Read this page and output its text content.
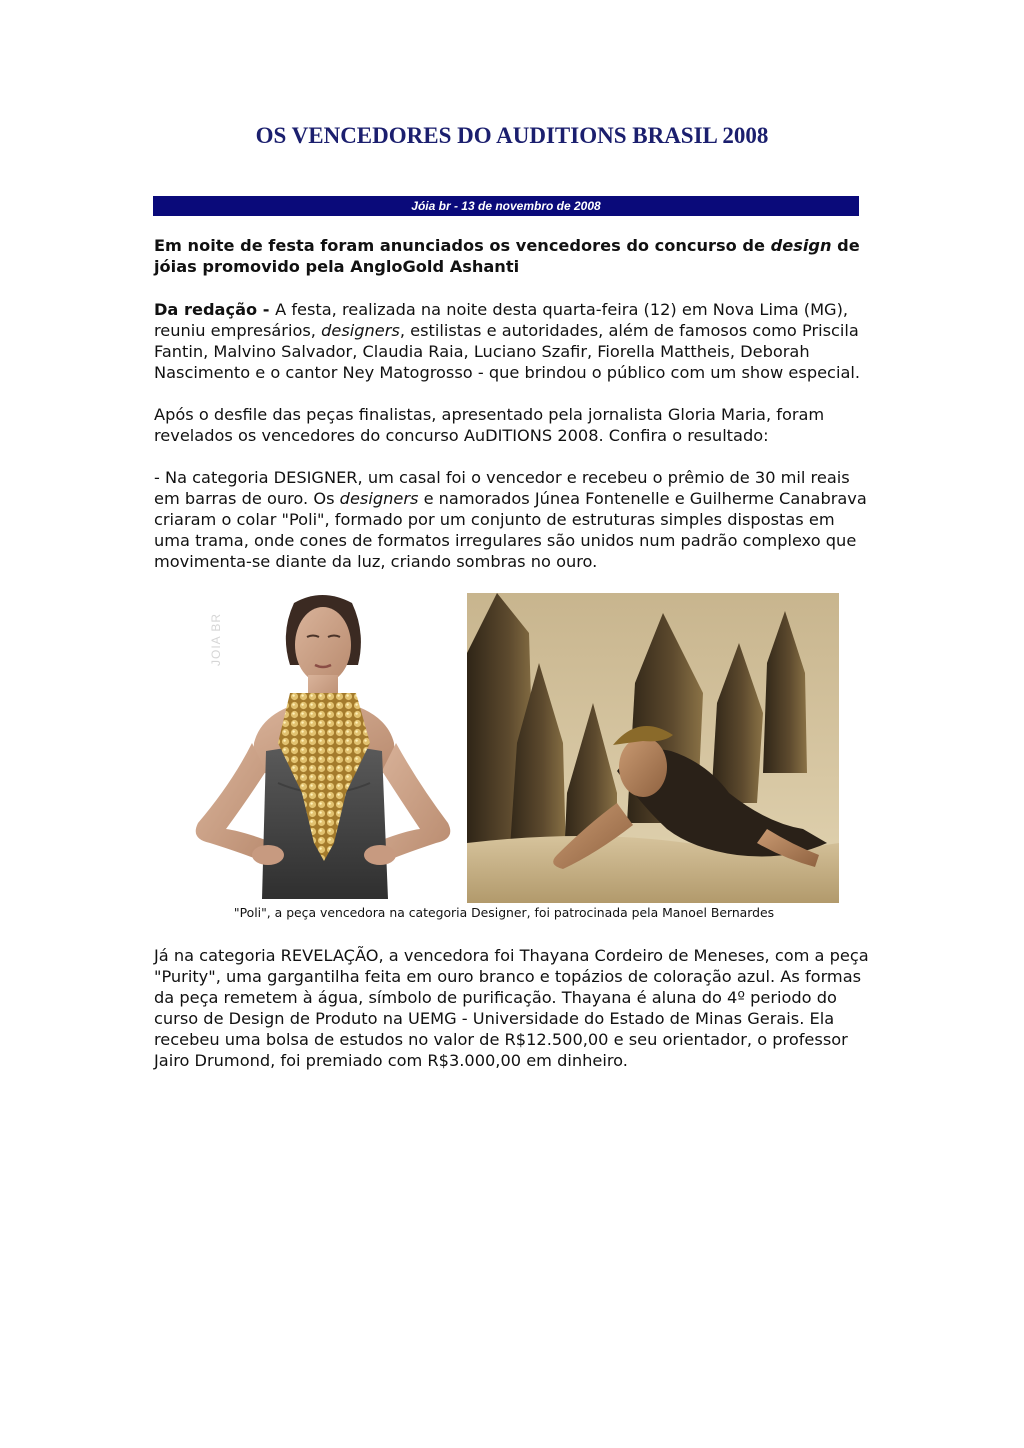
OS VENCEDORES DO AUDITIONS BRASIL 2008
Jóia br - 13 de novembro de 2008

Em noite de festa foram anunciados os vencedores do concurso de design de jóias promovido pela AngloGold Ashanti

Da redação - A festa, realizada na noite desta quarta-feira (12) em Nova Lima (MG), reuniu empresários, designers, estilistas e autoridades, além de famosos como Priscila Fantin, Malvino Salvador, Claudia Raia, Luciano Szafir, Fiorella Mattheis, Deborah Nascimento e o cantor Ney Matogrosso - que brindou o público com um show especial.

Após o desfile das peças finalistas, apresentado pela jornalista Gloria Maria, foram revelados os vencedores do concurso AuDITIONS 2008. Confira o resultado:

- Na categoria DESIGNER, um casal foi o vencedor e recebeu o prêmio de 30 mil reais em barras de ouro. Os designers e namorados Júnea Fontenelle e Guilherme Canabrava criaram o colar "Poli", formado por um conjunto de estruturas simples dispostas em uma trama, onde cones de formatos irregulares são unidos num padrão complexo que movimenta-se diante da luz, criando sombras no ouro.

JOIA BR

"Poli", a peça vencedora na categoria Designer, foi patrocinada pela Manoel Bernardes

Já na categoria REVELAÇÃO, a vencedora foi Thayana Cordeiro de Meneses, com a peça "Purity", uma gargantilha feita em ouro branco e topázios de coloração azul. As formas da peça remetem à água, símbolo de purificação. Thayana é aluna do 4º periodo do curso de Design de Produto na UEMG - Universidade do Estado de Minas Gerais. Ela recebeu uma bolsa de estudos no valor de R$12.500,00 e seu orientador, o professor Jairo Drumond, foi premiado com R$3.000,00 em dinheiro.
